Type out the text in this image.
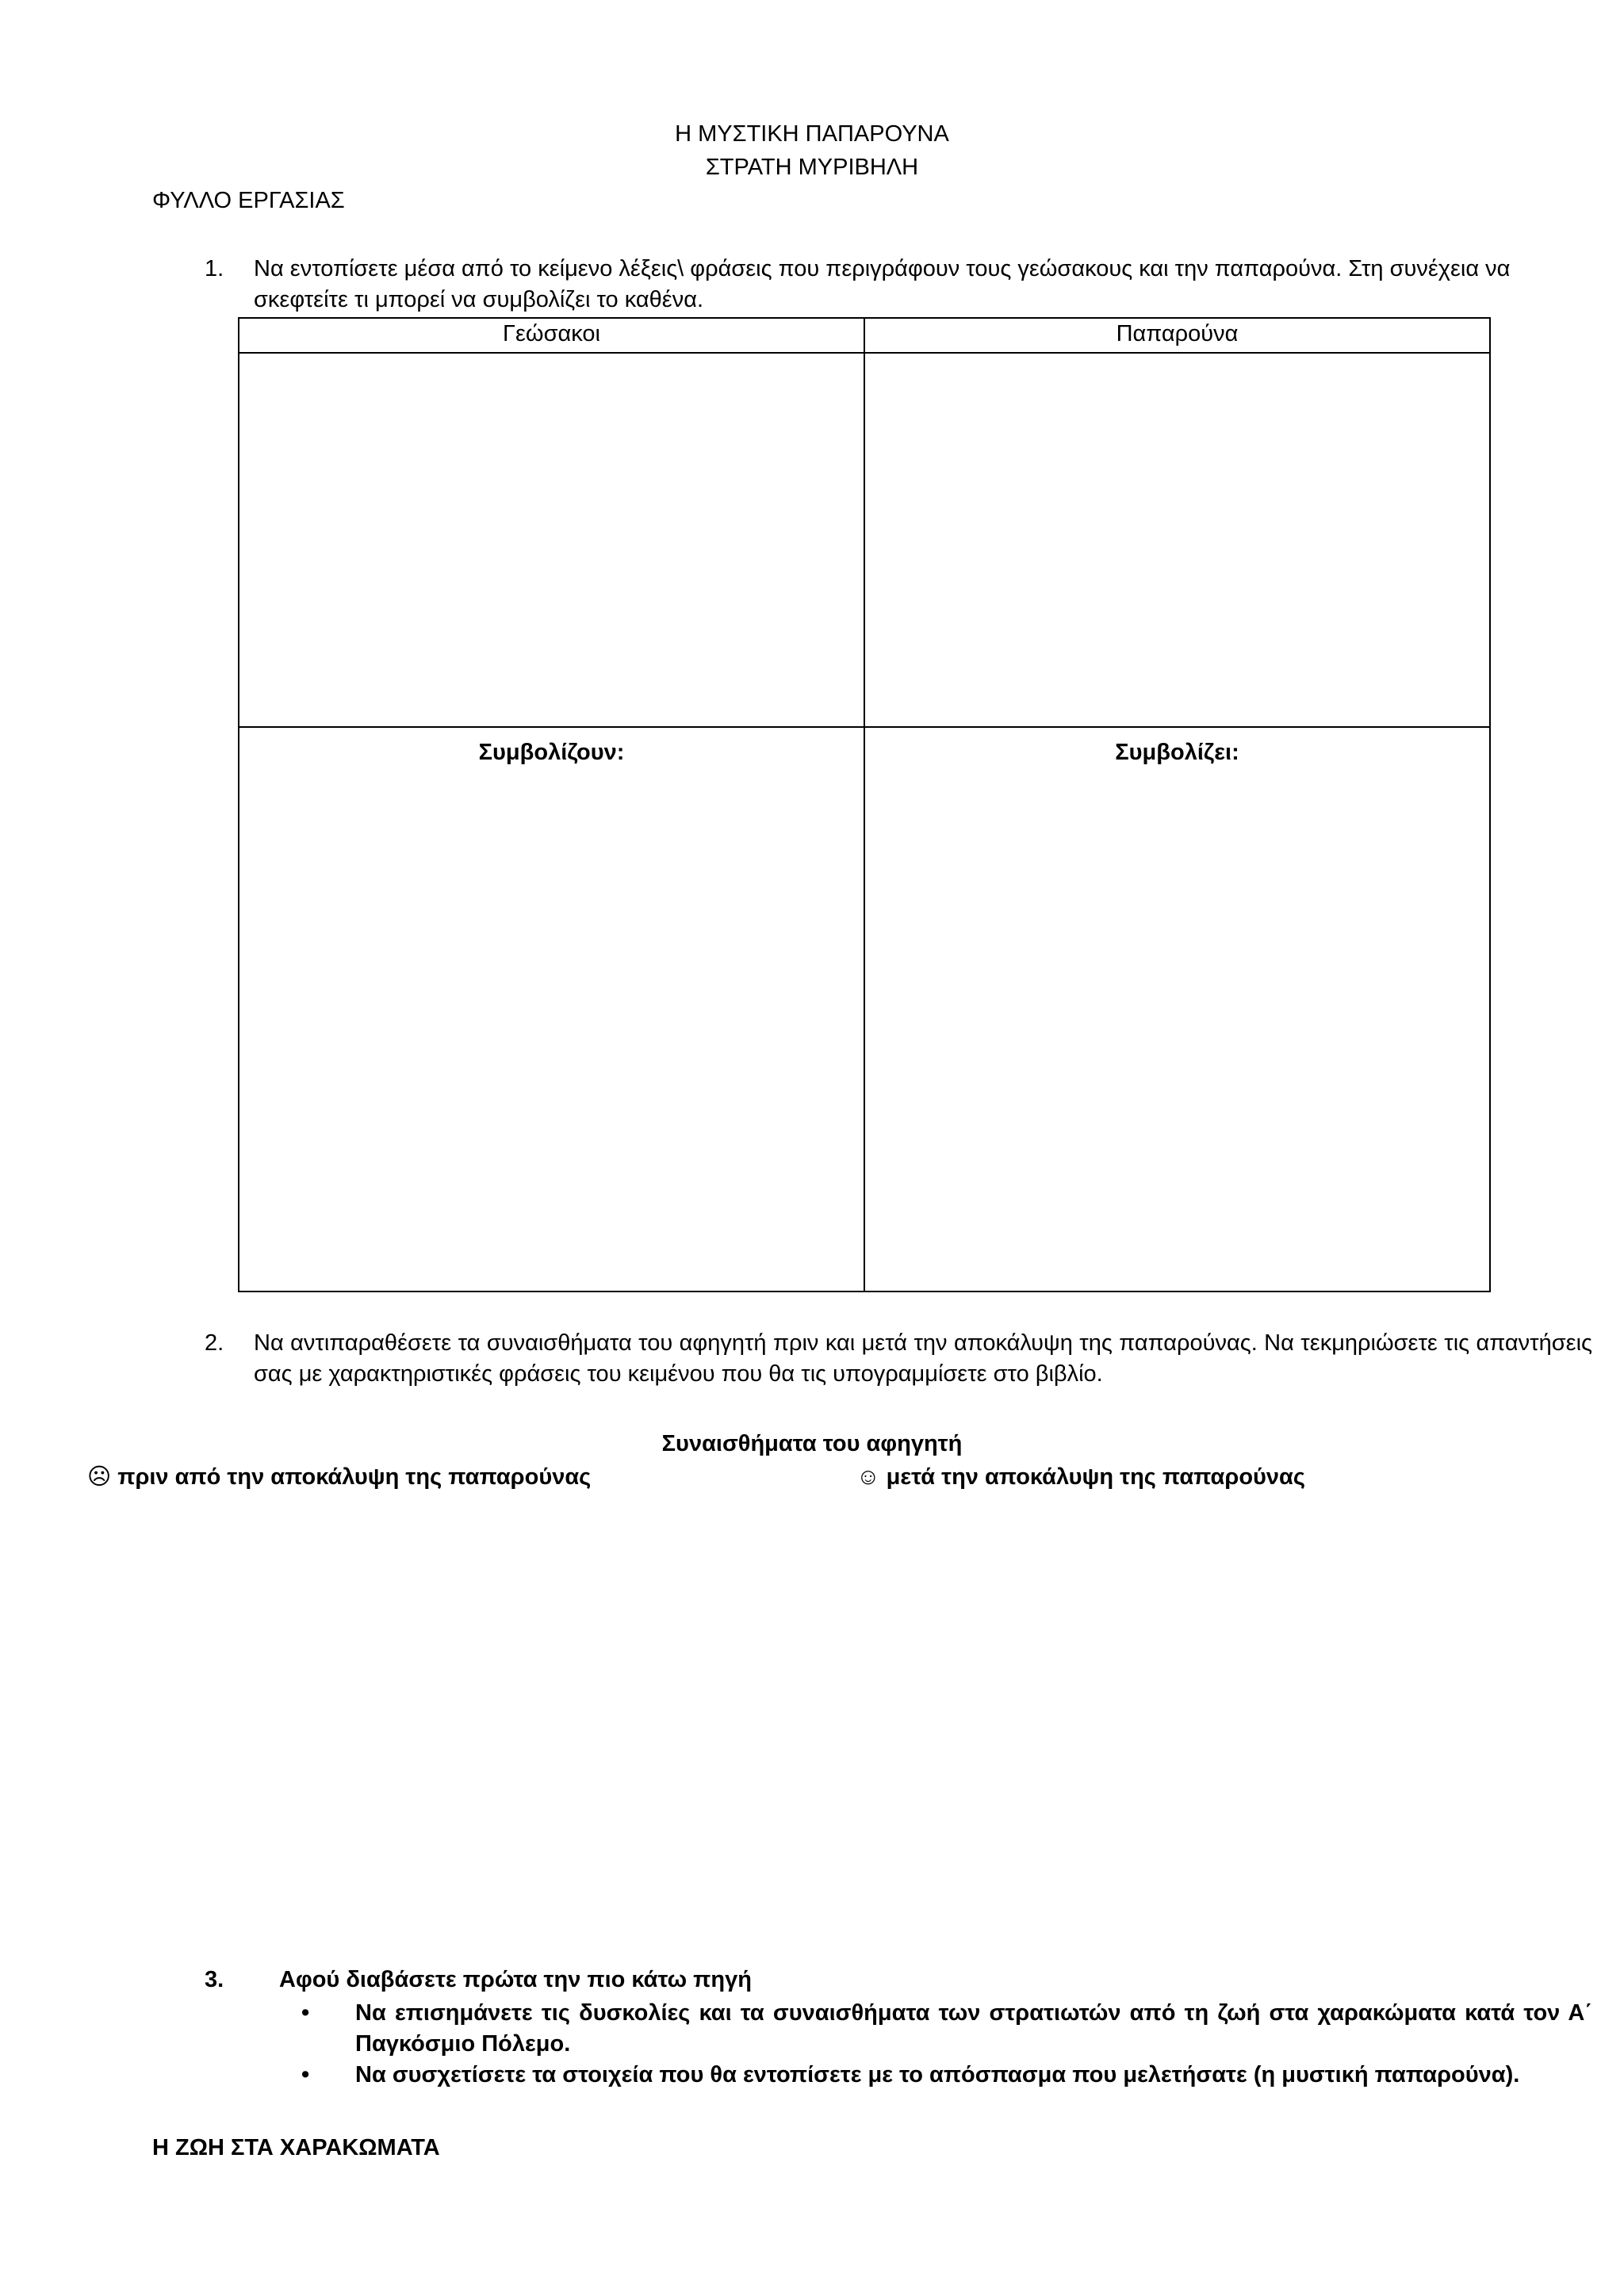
Η ΜΥΣΤΙΚΗ ΠΑΠΑΡΟΥΝΑ
ΣΤΡΑΤΗ ΜΥΡΙΒΗΛΗ
ΦΥΛΛΟ ΕΡΓΑΣΙΑΣ
1. Να εντοπίσετε μέσα από το κείμενο λέξεις\ φράσεις που περιγράφουν τους γεώσακους και την παπαρούνα. Στη συνέχεια να σκεφτείτε τι μπορεί να συμβολίζει το καθένα.
Γεώσακοι	Παπαρούνα

Συμβολίζουν:	Συμβολίζει:
2. Να αντιπαραθέσετε τα συναισθήματα του αφηγητή πριν και μετά την αποκάλυψη της παπαρούνας. Να τεκμηριώσετε τις απαντήσεις σας με χαρακτηριστικές φράσεις του κειμένου που θα τις υπογραμμίσετε στο βιβλίο.
Συναισθήματα του αφηγητή
☹ πριν από την αποκάλυψη της παπαρούνας	☺ μετά την αποκάλυψη της παπαρούνας
3. Αφού διαβάσετε πρώτα την πιο κάτω πηγή
• Να επισημάνετε τις δυσκολίες και τα συναισθήματα των στρατιωτών από τη ζωή στα χαρακώματα κατά τον Α΄ Παγκόσμιο Πόλεμο.
• Να συσχετίσετε τα στοιχεία που θα εντοπίσετε με το απόσπασμα που μελετήσατε (η μυστική παπαρούνα).
Η ΖΩΗ ΣΤΑ ΧΑΡΑΚΩΜΑΤΑ
